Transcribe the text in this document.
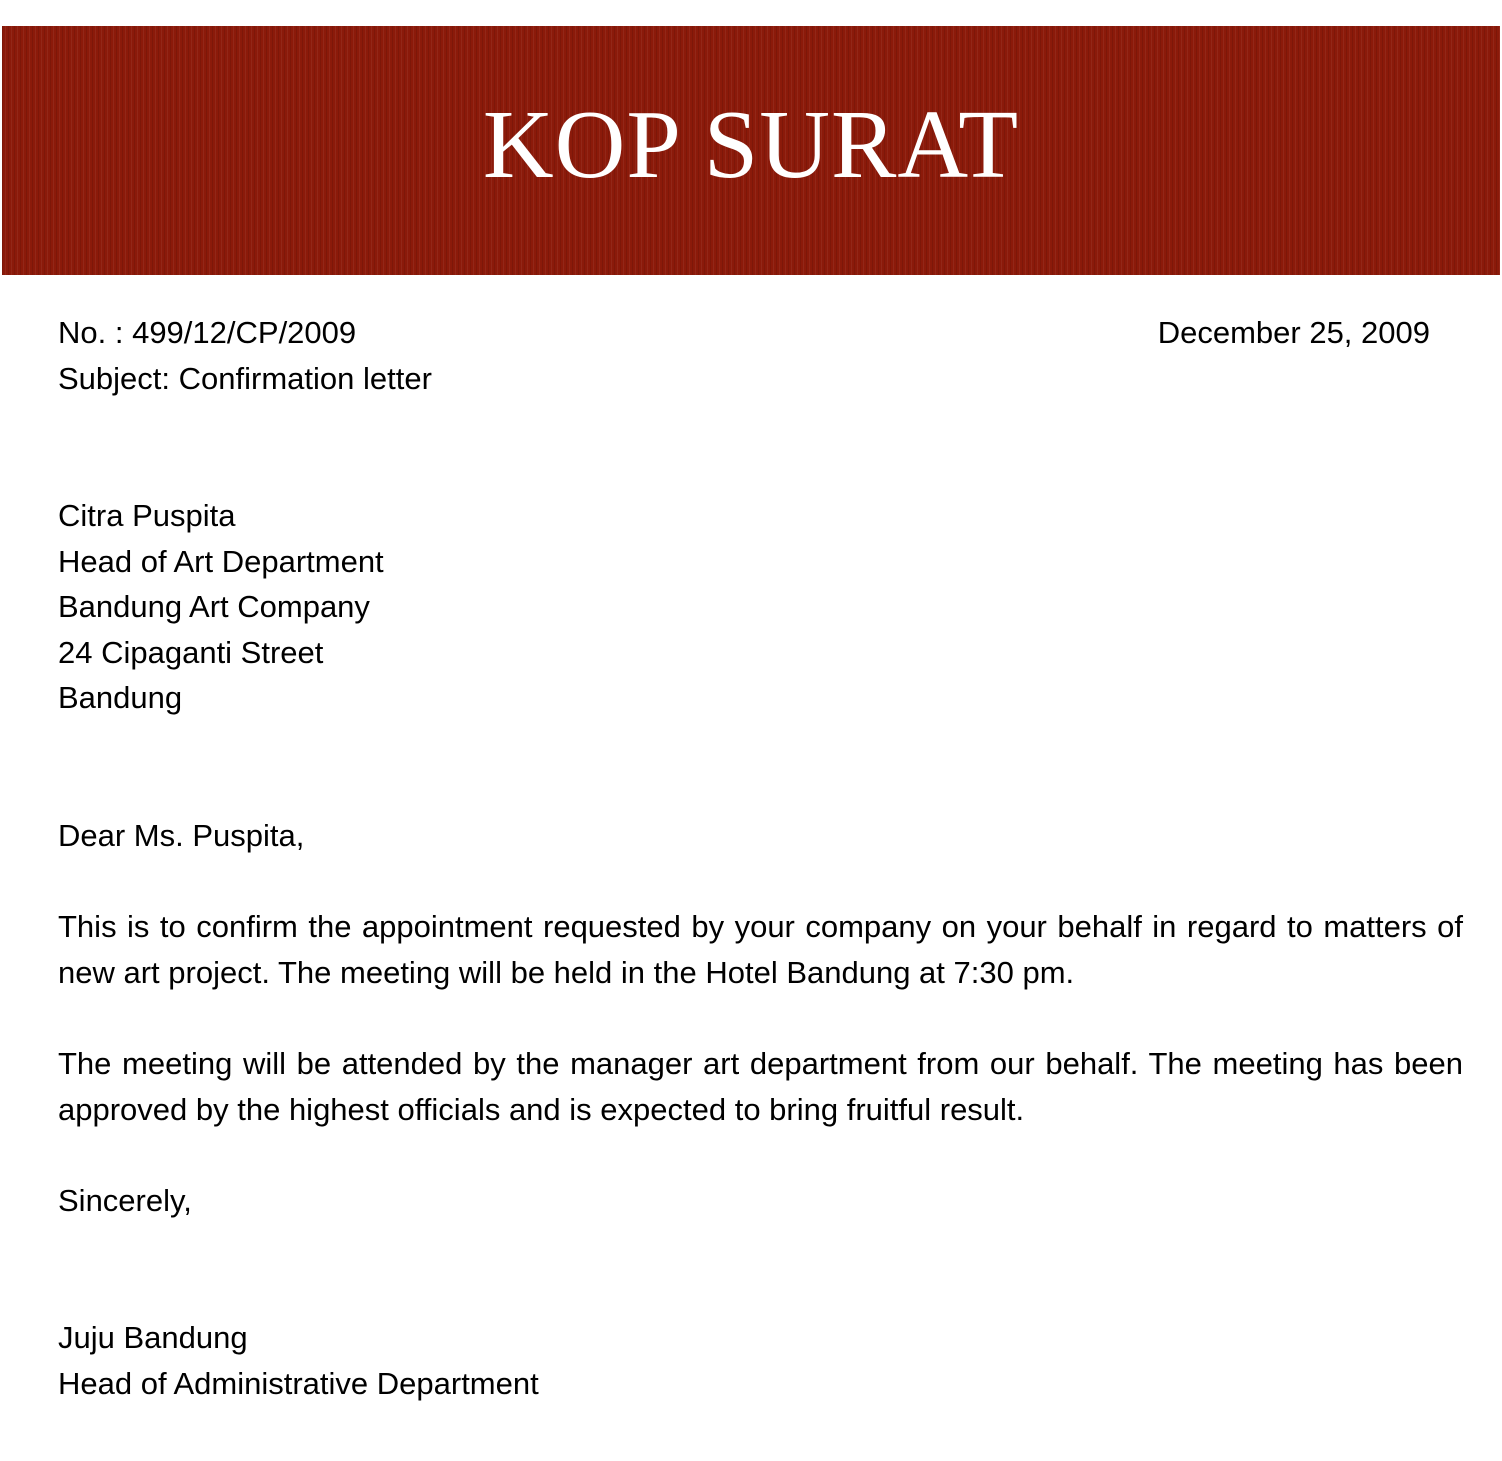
KOP SURAT
No. : 499/12/CP/2009	December 25, 2009
Subject: Confirmation letter
Citra Puspita
Head of Art Department
Bandung Art Company
24 Cipaganti Street
Bandung
Dear Ms. Puspita,
This is to confirm the appointment requested by your company on your behalf in regard to matters of new art project. The meeting will be held in the Hotel Bandung at 7:30 pm.
The meeting will be attended by the manager art department from our behalf. The meeting has been approved by the highest officials and is expected to bring fruitful result.
Sincerely,
Juju Bandung
Head of Administrative Department
